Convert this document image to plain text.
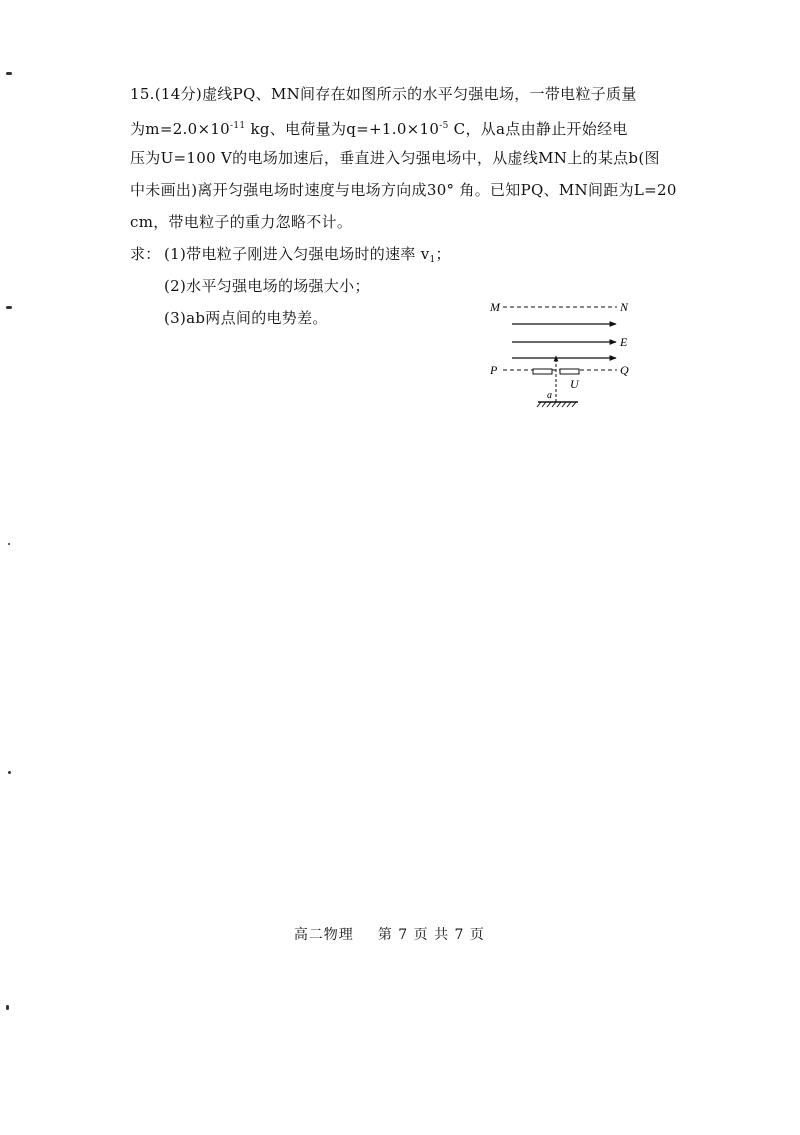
15.(14分)虚线PQ、MN间存在如图所示的水平匀强电场，一带电粒子质量
为$m=2.0\times 10^{-11}$ kg、电荷量为$q=+1.0\times 10^{-5}$ C，从a点由静止开始经电
压为U=100 V的电场加速后，垂直进入匀强电场中，从虚线MN上的某点b(图
中未画出)离开匀强电场时速度与电场方向成30° 角。已知PQ、MN间距为L=20
cm，带电粒子的重力忽略不计。
求： (1)带电粒子刚进入匀强电场时的速率 $v_1$；
(2)水平匀强电场的场强大小；
(3)ab两点间的电势差。
M	N
E
P	Q
U
a

高二物理 第 7 页 共 7 页
